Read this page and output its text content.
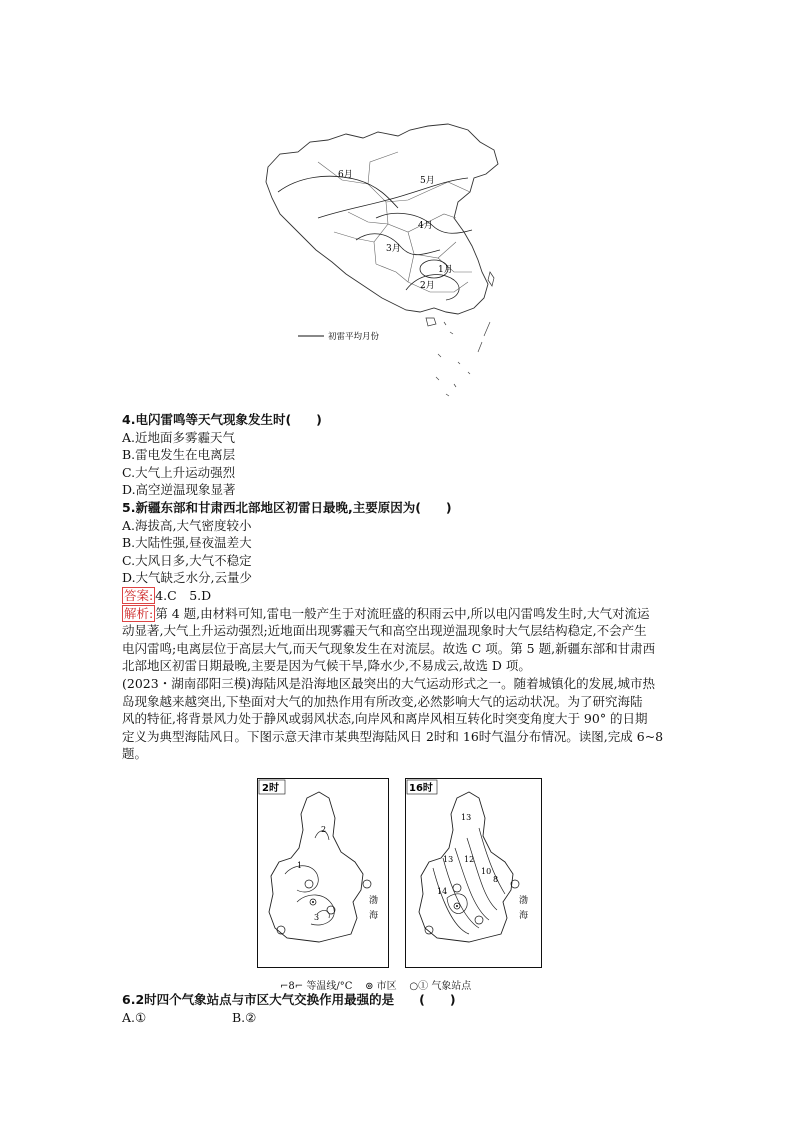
6月
5月
4月
3月
1月
2月
初雷平均月份
4.电闪雷鸣等天气现象发生时(　　)
A.近地面多雾霾天气
B.雷电发生在电离层
C.大气上升运动强烈
D.高空逆温现象显著
5.新疆东部和甘肃西北部地区初雷日最晚,主要原因为(　　)
A.海拔高,大气密度较小
B.大陆性强,昼夜温差大
C.大风日多,大气不稳定
D.大气缺乏水分,云量少
答案: 4.C　5.D
解析: 第 4 题,由材料可知,雷电一般产生于对流旺盛的积雨云中,所以电闪雷鸣发生时,大气对流运
动显著,大气上升运动强烈;近地面出现雾霾天气和高空出现逆温现象时大气层结构稳定,不会产生
电闪雷鸣;电离层位于高层大气,而天气现象发生在对流层。故选 C 项。第 5 题,新疆东部和甘肃西
北部地区初雷日期最晚,主要是因为气候干旱,降水少,不易成云,故选 D 项。
(2023・湖南邵阳三模)海陆风是沿海地区最突出的大气运动形式之一。随着城镇化的发展,城市热
岛现象越来越突出,下垫面对大气的加热作用有所改变,必然影响大气的运动状况。为了研究海陆
风的特征,将背景风力处于静风或弱风状态,向岸风和离岸风相互转化时突变角度大于 90° 的日期
定义为典型海陆风日。下图示意天津市某典型海陆风日 2时和 16时气温分布情况。读图,完成 6~8
题。
2时
2
1
3
渤
海
16时
13
13 12
10
8
14
渤
海
⌐8⌐ 等温线/°C ⊚ 市区 ○① 气象站点
6.2时四个气象站点与市区大气交换作用最强的是　　(　　)
A.①	B.②
